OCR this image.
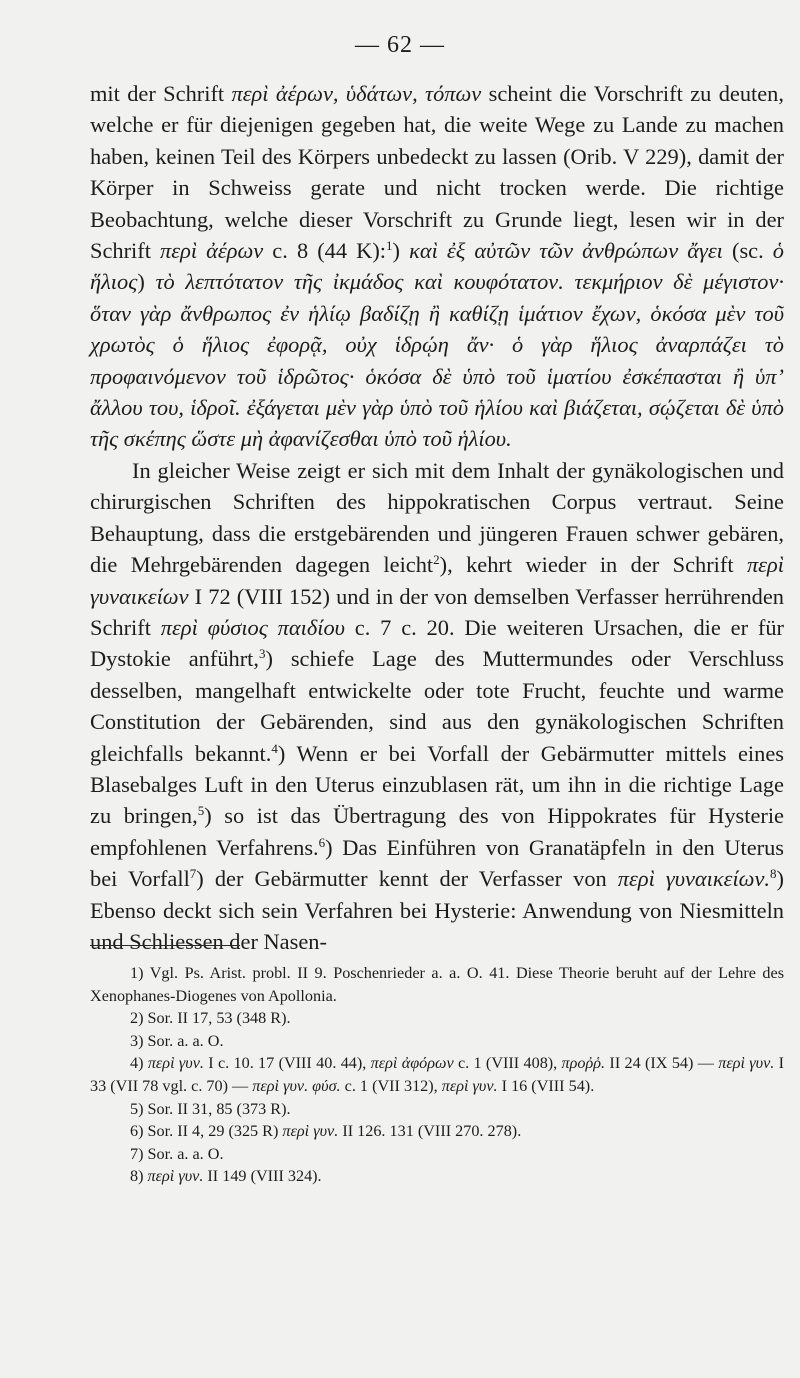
— 62 —

mit der Schrift περὶ ἀέρων, ὑδάτων, τόπων scheint die Vorschrift zu deuten, welche er für diejenigen gegeben hat, die weite Wege zu Lande zu machen haben, keinen Teil des Körpers unbedeckt zu lassen (Orib. V 229), damit der Körper in Schweiss gerate und nicht trocken werde. Die richtige Beobachtung, welche dieser Vorschrift zu Grunde liegt, lesen wir in der Schrift περὶ ἀέρων c. 8 (44 K):$^1$) καὶ ἐξ αὐτῶν τῶν ἀνθρώπων ἄγει (sc. ὁ ἥλιος) τὸ λεπτότατον τῆς ἰκμάδος καὶ κουφότατον. τεκμήριον δὲ μέγιστον· ὅταν γὰρ ἄνθρωπος ἐν ἡλίῳ βαδίζῃ ἢ καθίζῃ ἱμάτιον ἔχων, ὁκόσα μὲν τοῦ χρωτὸς ὁ ἥλιος ἐφορᾷ, οὐχ ἱδρῴη ἄν· ὁ γὰρ ἥλιος ἀναρπάζει τὸ προφαινόμενον τοῦ ἱδρῶτος· ὁκόσα δὲ ὑπὸ τοῦ ἱματίου ἐσκέπασται ἢ ὑπ’ ἄλλου του, ἱδροῖ. ἐξάγεται μὲν γὰρ ὑπὸ τοῦ ἡλίου καὶ βιάζεται, σῴζεται δὲ ὑπὸ τῆς σκέπης ὥστε μὴ ἀφανίζεσθαι ὑπὸ τοῦ ἡλίου.

In gleicher Weise zeigt er sich mit dem Inhalt der gynäkologischen und chirurgischen Schriften des hippokratischen Corpus vertraut. Seine Behauptung, dass die erstgebärenden und jüngeren Frauen schwer gebären, die Mehrgebärenden dagegen leicht$^2$), kehrt wieder in der Schrift περὶ γυναικείων I 72 (VIII 152) und in der von demselben Verfasser herrührenden Schrift περὶ φύσιος παιδίου c. 7 c. 20. Die weiteren Ursachen, die er für Dystokie anführt,$^3$) schiefe Lage des Muttermundes oder Verschluss desselben, mangelhaft entwickelte oder tote Frucht, feuchte und warme Constitution der Gebärenden, sind aus den gynäkologischen Schriften gleichfalls bekannt.$^4$) Wenn er bei Vorfall der Gebärmutter mittels eines Blasebalges Luft in den Uterus einzublasen rät, um ihn in die richtige Lage zu bringen,$^5$) so ist das Übertragung des von Hippokrates für Hysterie empfohlenen Verfahrens.$^6$) Das Einführen von Granatäpfeln in den Uterus bei Vorfall$^7$) der Gebärmutter kennt der Verfasser von περὶ γυναικείων.$^8$) Ebenso deckt sich sein Verfahren bei Hysterie: Anwendung von Niesmitteln und Schliessen der Nasen-

1) Vgl. Ps. Arist. probl. II 9. Poschenrieder a. a. O. 41. Diese Theorie beruht auf der Lehre des Xenophanes-Diogenes von Apollonia.

2) Sor. II 17, 53 (348 R).

3) Sor. a. a. O.

4) περὶ γυν. I c. 10. 17 (VIII 40. 44), περὶ ἀφόρων c. 1 (VIII 408), προῤῥ. II 24 (IX 54) — περὶ γυν. I 33 (VII 78 vgl. c. 70) — περὶ γυν. φύσ. c. 1 (VII 312), περὶ γυν. I 16 (VIII 54).

5) Sor. II 31, 85 (373 R).

6) Sor. II 4, 29 (325 R) περὶ γυν. II 126. 131 (VIII 270. 278).

7) Sor. a. a. O.

8) περὶ γυν. II 149 (VIII 324).
